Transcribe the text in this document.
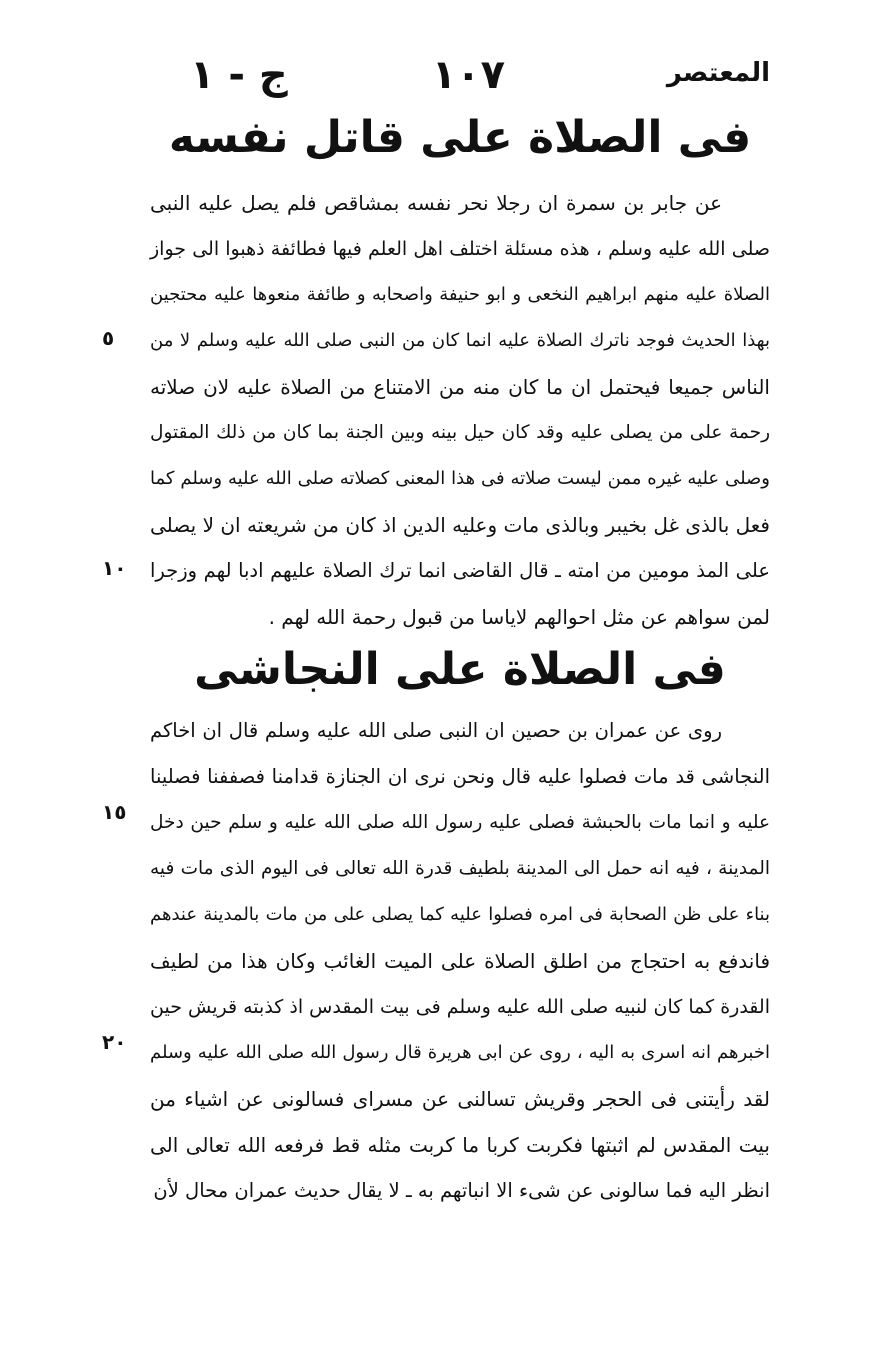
المعتصر
١٠٧
ج - ١
فى الصلاة على قاتل نفسه
عن جابر بن سمرة ان رجلا نحر نفسه بمشاقص فلم يصل عليه النبى
صلى الله عليه وسلم ، هذه مسئلة اختلف اهل العلم فيها فطائفة ذهبوا الى جواز
الصلاة عليه منهم ابراهيم النخعى و ابو حنيفة واصحابه و طائفة منعوها عليه محتجين
بهذا الحديث فوجد ناترك الصلاة عليه انما كان من النبى صلى الله عليه وسلم لا من
الناس جميعا فيحتمل ان ما كان منه من الامتناع من الصلاة عليه لان صلاته
رحمة على من يصلى عليه وقد كان حيل بينه وبين الجنة بما كان من ذلك المقتول
وصلى عليه غيره ممن ليست صلاته فى هذا المعنى كصلاته صلى الله عليه وسلم كما
فعل بالذى غل بخيبر وبالذى مات وعليه الدين اذ كان من شريعته ان لا يصلى
على المذ مومين من امته ـ قال القاضى انما ترك الصلاة عليهم ادبا لهم وزجرا
لمن سواهم عن مثل احوالهم لاياسا من قبول رحمة الله لهم .
فى الصلاة على النجاشى
روى عن عمران بن حصين ان النبى صلى الله عليه وسلم قال ان اخاكم
النجاشى قد مات فصلوا عليه قال ونحن نرى ان الجنازة قدامنا فصففنا فصلينا
عليه و انما مات بالحبشة فصلى عليه رسول الله صلى الله عليه و سلم حين دخل
المدينة ، فيه انه حمل الى المدينة بلطيف قدرة الله تعالى فى اليوم الذى مات فيه
بناء على ظن الصحابة فى امره فصلوا عليه كما يصلى على من مات بالمدينة عندهم
فاندفع به احتجاج من اطلق الصلاة على الميت الغائب وكان هذا من لطيف
القدرة كما كان لنبيه صلى الله عليه وسلم فى بيت المقدس اذ كذبته قريش حين
اخبرهم انه اسرى به اليه ، روى عن ابى هريرة قال رسول الله صلى الله عليه وسلم
لقد رأيتنى فى الحجر وقريش تسالنى عن مسراى فسالونى عن اشياء من
بيت المقدس لم اثبتها فكربت كربا ما كربت مثله قط فرفعه الله تعالى الى
انظر اليه فما سالونى عن شىء الا انباتهم به ـ لا يقال حديث عمران محال لأن
٥
١٠
١٥
٢٠
